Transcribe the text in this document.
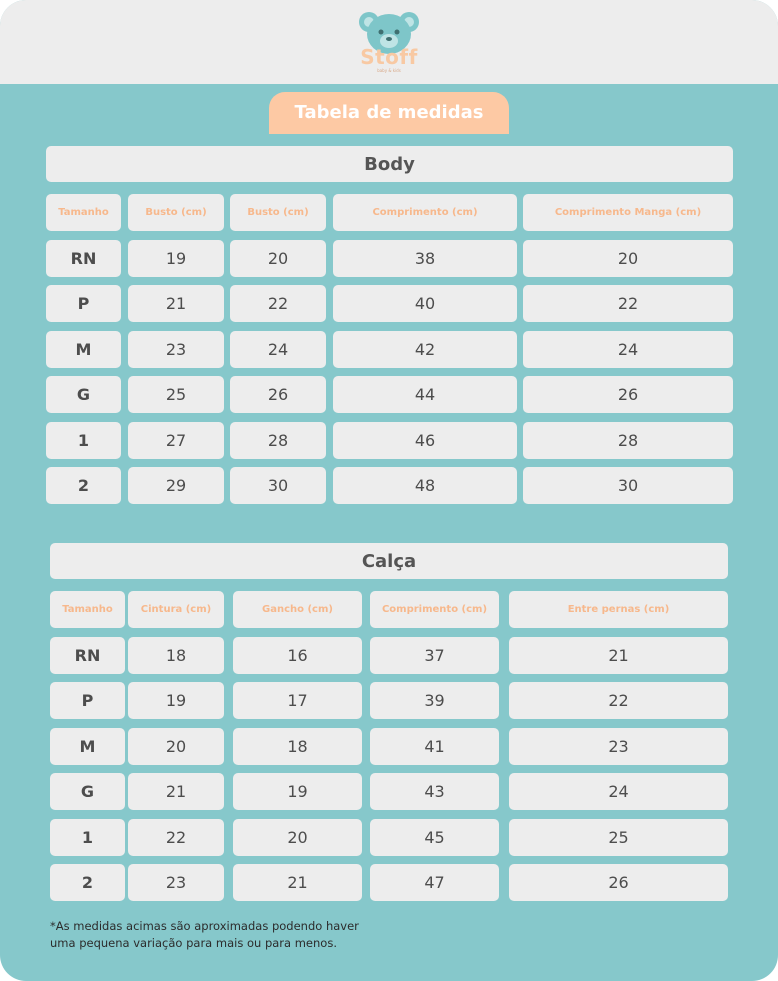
Stoff
baby & kids
Tabela de medidas
Body
Tamanho	Busto (cm)	Busto (cm)	Comprimento (cm)	Comprimento Manga (cm)
RN	19	20	38	20
P	21	22	40	22
M	23	24	42	24
G	25	26	44	26
1	27	28	46	28
2	29	30	48	30
Calça
Tamanho	Cintura (cm)	Gancho (cm)	Comprimento (cm)	Entre pernas (cm)
RN	18	16	37	21
P	19	17	39	22
M	20	18	41	23
G	21	19	43	24
1	22	20	45	25
2	23	21	47	26
*As medidas acimas são aproximadas podendo haver
uma pequena variação para mais ou para menos.
